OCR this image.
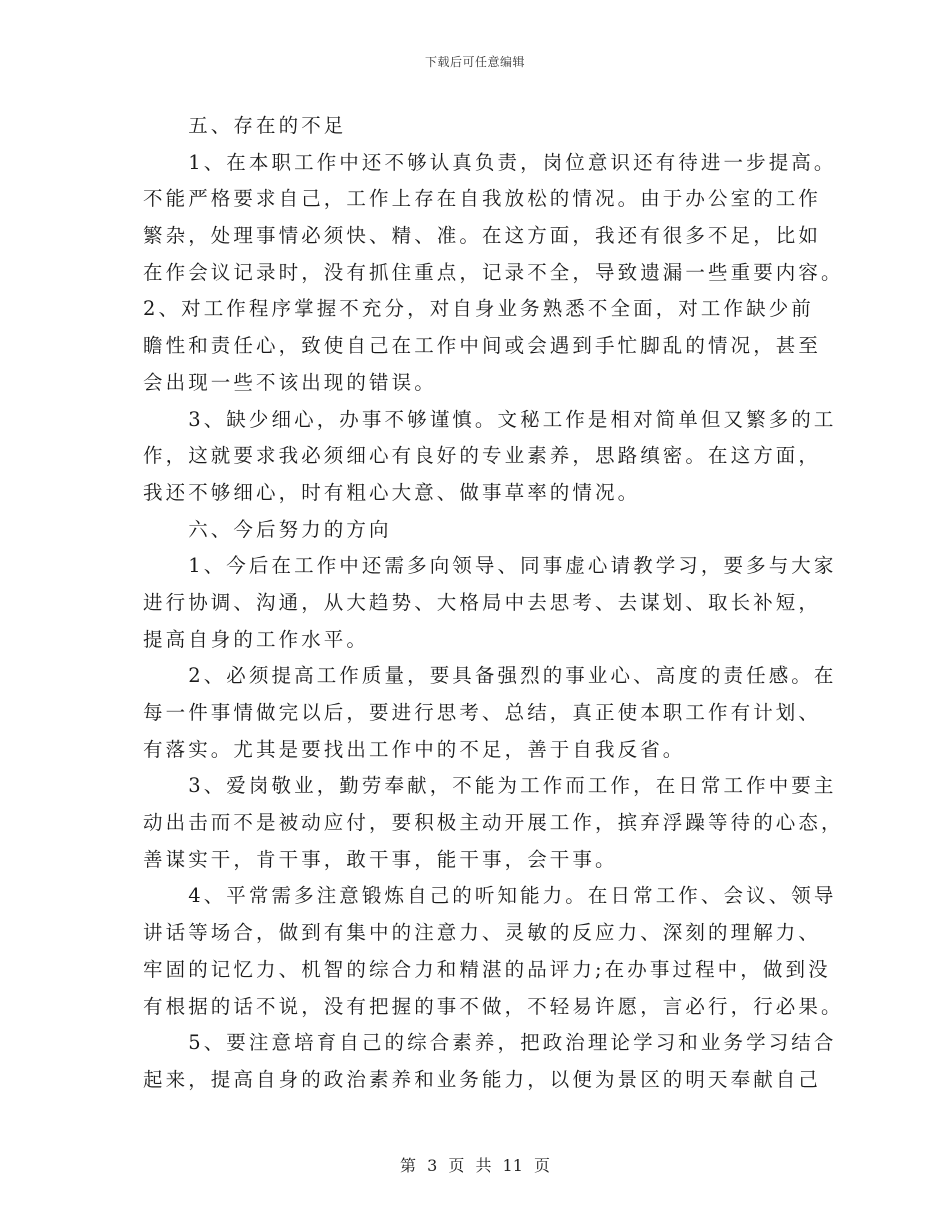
下载后可任意编辑
　　五、存在的不足
　　1、在本职工作中还不够认真负责，岗位意识还有待进一步提高。
不能严格要求自己，工作上存在自我放松的情况。由于办公室的工作
繁杂，处理事情必须快、精、准。在这方面，我还有很多不足，比如
在作会议记录时，没有抓住重点，记录不全，导致遗漏一些重要内容。
2、对工作程序掌握不充分，对自身业务熟悉不全面，对工作缺少前
瞻性和责任心，致使自己在工作中间或会遇到手忙脚乱的情况，甚至
会出现一些不该出现的错误。
　　3、缺少细心，办事不够谨慎。文秘工作是相对简单但又繁多的工
作，这就要求我必须细心有良好的专业素养，思路缜密。在这方面，
我还不够细心，时有粗心大意、做事草率的情况。
　　六、今后努力的方向
　　1、今后在工作中还需多向领导、同事虚心请教学习，要多与大家
进行协调、沟通，从大趋势、大格局中去思考、去谋划、取长补短，
提高自身的工作水平。
　　2、必须提高工作质量，要具备强烈的事业心、高度的责任感。在
每一件事情做完以后，要进行思考、总结，真正使本职工作有计划、
有落实。尤其是要找出工作中的不足，善于自我反省。
　　3、爱岗敬业，勤劳奉献，不能为工作而工作，在日常工作中要主
动出击而不是被动应付，要积极主动开展工作，摈弃浮躁等待的心态，
善谋实干，肯干事，敢干事，能干事，会干事。
　　4、平常需多注意锻炼自己的听知能力。在日常工作、会议、领导
讲话等场合，做到有集中的注意力、灵敏的反应力、深刻的理解力、
牢固的记忆力、机智的综合力和精湛的品评力;在办事过程中，做到没
有根据的话不说，没有把握的事不做，不轻易许愿，言必行，行必果。
　　5、要注意培育自己的综合素养，把政治理论学习和业务学习结合
起来，提高自身的政治素养和业务能力，以便为景区的明天奉献自己
第 3 页 共 11 页
